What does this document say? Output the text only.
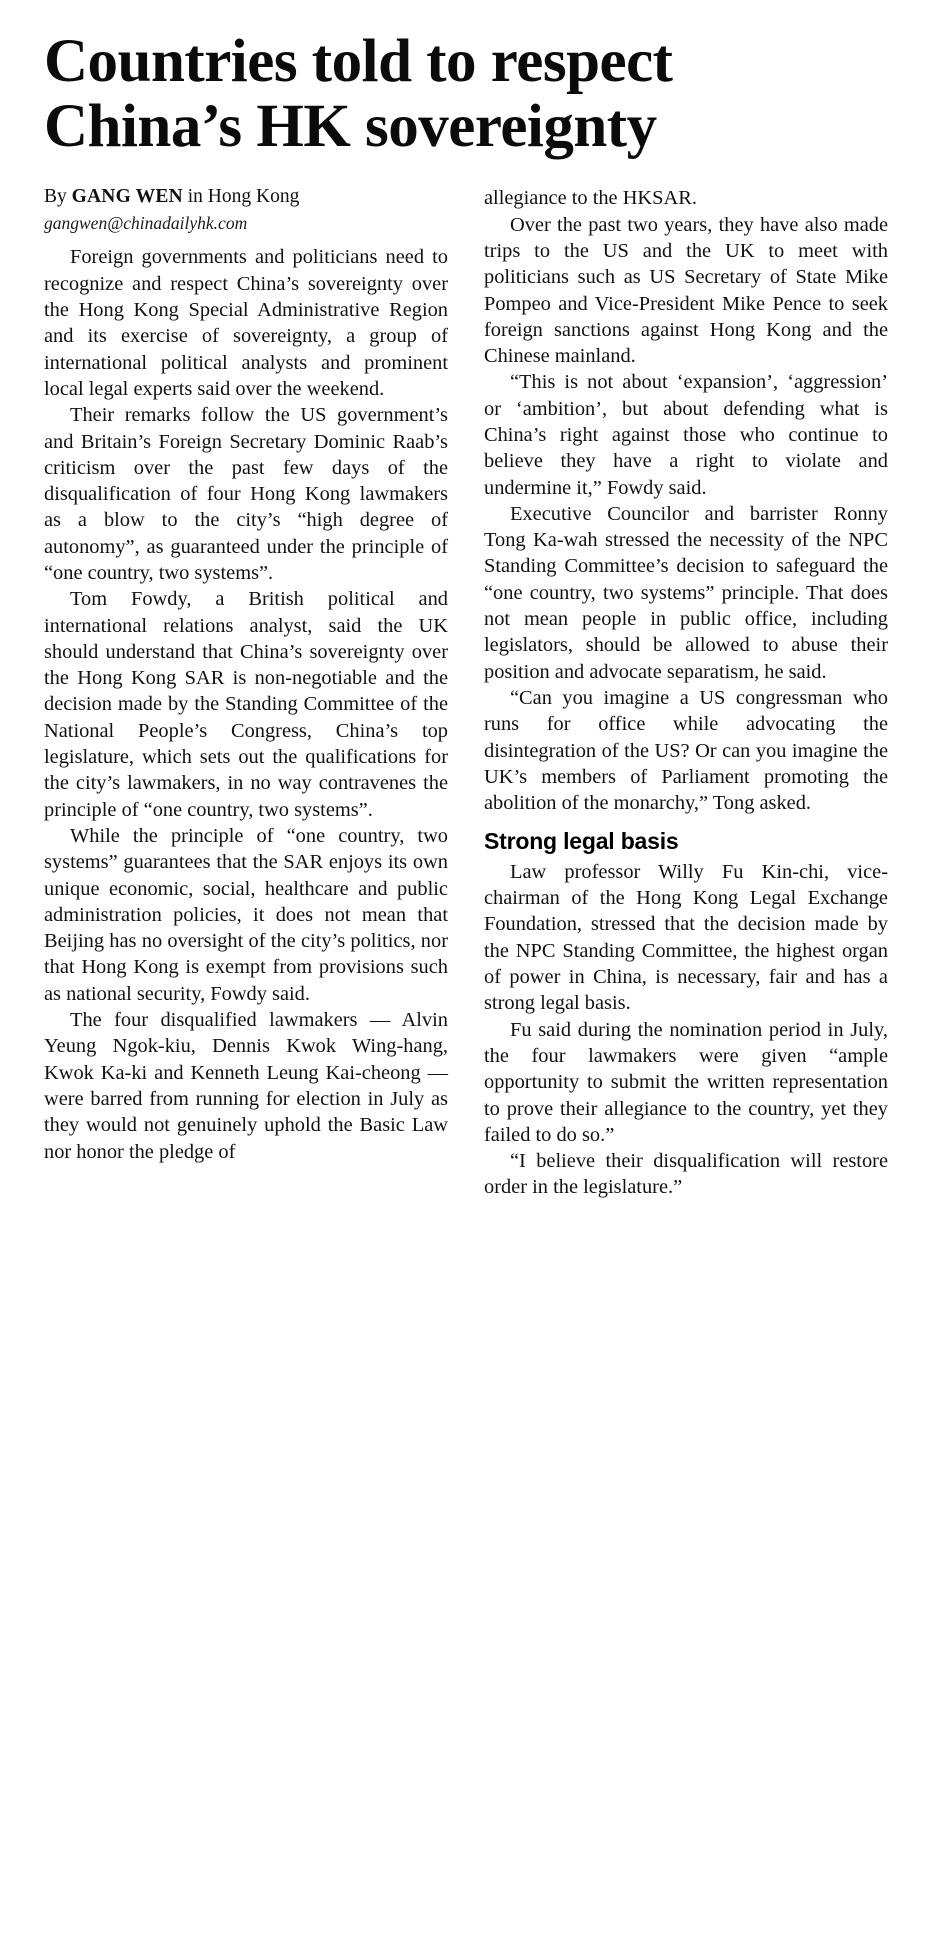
Countries told to respect
China’s HK sovereignty

By GANG WEN in Hong Kong

gangwen@chinadailyhk.com

Foreign governments and politicians need to recognize and respect China’s sovereignty over the Hong Kong Special Administrative Region and its exercise of sovereignty, a group of international political analysts and prominent local legal experts said over the weekend.

Their remarks follow the US government’s and Britain’s Foreign Secretary Dominic Raab’s criticism over the past few days of the disqualification of four Hong Kong lawmakers as a blow to the city’s “high degree of autonomy”, as guaranteed under the principle of “one country, two systems”.

Tom Fowdy, a British political and international relations analyst, said the UK should understand that China’s sovereignty over the Hong Kong SAR is non-negotiable and the decision made by the Standing Committee of the National People’s Congress, China’s top legislature, which sets out the qualifications for the city’s lawmakers, in no way contravenes the principle of “one country, two systems”.

While the principle of “one country, two systems” guarantees that the SAR enjoys its own unique economic, social, healthcare and public administration policies, it does not mean that Beijing has no oversight of the city’s politics, nor that Hong Kong is exempt from provisions such as national security, Fowdy said.

The four disqualified lawmakers — Alvin Yeung Ngok-kiu, Dennis Kwok Wing-hang, Kwok Ka-ki and Kenneth Leung Kai-cheong — were barred from running for election in July as they would not genuinely uphold the Basic Law nor honor the pledge of

allegiance to the HKSAR.

Over the past two years, they have also made trips to the US and the UK to meet with politicians such as US Secretary of State Mike Pompeo and Vice-President Mike Pence to seek foreign sanctions against Hong Kong and the Chinese mainland.

“This is not about ‘expansion’, ‘aggression’ or ‘ambition’, but about defending what is China’s right against those who continue to believe they have a right to violate and undermine it,” Fowdy said.

Executive Councilor and barrister Ronny Tong Ka-wah stressed the necessity of the NPC Standing Committee’s decision to safeguard the “one country, two systems” principle. That does not mean people in public office, including legislators, should be allowed to abuse their position and advocate separatism, he said.

“Can you imagine a US congressman who runs for office while advocating the disintegration of the US? Or can you imagine the UK’s members of Parliament promoting the abolition of the monarchy,” Tong asked.

Strong legal basis

Law professor Willy Fu Kin-chi, vice-chairman of the Hong Kong Legal Exchange Foundation, stressed that the decision made by the NPC Standing Committee, the highest organ of power in China, is necessary, fair and has a strong legal basis.

Fu said during the nomination period in July, the four lawmakers were given “ample opportunity to submit the written representation to prove their allegiance to the country, yet they failed to do so.”

“I believe their disqualification will restore order in the legislature.”
